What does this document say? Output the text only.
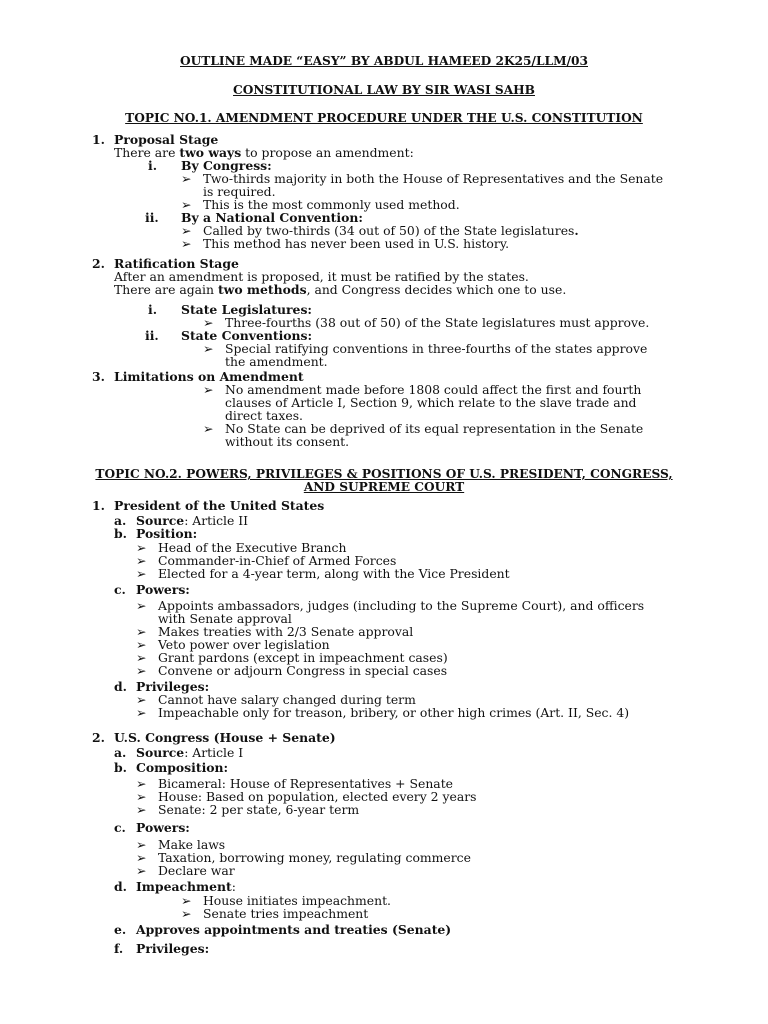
OUTLINE MADE “EASY” BY ABDUL HAMEED 2K25/LLM/03
CONSTITUTIONAL LAW BY SIR WASI SAHB
TOPIC NO.1. AMENDMENT PROCEDURE UNDER THE U.S. CONSTITUTION
1. Proposal Stage
There are two ways to propose an amendment:
i. By Congress:
➢ Two-thirds majority in both the House of Representatives and the Senate
is required.
➢ This is the most commonly used method.
ii. By a National Convention:
➢ Called by two-thirds (34 out of 50) of the State legislatures.
➢ This method has never been used in U.S. history.
2. Ratification Stage
After an amendment is proposed, it must be ratified by the states.
There are again two methods, and Congress decides which one to use.
i. State Legislatures:
➢ Three-fourths (38 out of 50) of the State legislatures must approve.
ii. State Conventions:
➢ Special ratifying conventions in three-fourths of the states approve
the amendment.
3. Limitations on Amendment
➢ No amendment made before 1808 could affect the first and fourth
clauses of Article I, Section 9, which relate to the slave trade and
direct taxes.
➢ No State can be deprived of its equal representation in the Senate
without its consent.
TOPIC NO.2. POWERS, PRIVILEGES & POSITIONS OF U.S. PRESIDENT, CONGRESS,
AND SUPREME COURT
1. President of the United States
a. Source: Article II
b. Position:
➢ Head of the Executive Branch
➢ Commander-in-Chief of Armed Forces
➢ Elected for a 4-year term, along with the Vice President
c. Powers:
➢ Appoints ambassadors, judges (including to the Supreme Court), and officers
with Senate approval
➢ Makes treaties with 2/3 Senate approval
➢ Veto power over legislation
➢ Grant pardons (except in impeachment cases)
➢ Convene or adjourn Congress in special cases
d. Privileges:
➢ Cannot have salary changed during term
➢ Impeachable only for treason, bribery, or other high crimes (Art. II, Sec. 4)
2. U.S. Congress (House + Senate)
a. Source: Article I
b. Composition:
➢ Bicameral: House of Representatives + Senate
➢ House: Based on population, elected every 2 years
➢ Senate: 2 per state, 6-year term
c. Powers:
➢ Make laws
➢ Taxation, borrowing money, regulating commerce
➢ Declare war
d. Impeachment:
➢ House initiates impeachment.
➢ Senate tries impeachment
e. Approves appointments and treaties (Senate)
f. Privileges:
